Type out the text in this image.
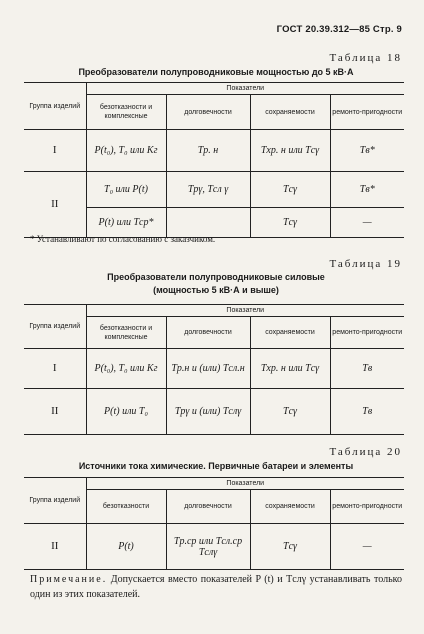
ГОСТ 20.39.312—85 Стр. 9
Таблица 18
Преобразователи полупроводниковые мощностью до 5 кВ·А
Группа изделий	Показатели			
	безотказности и комплексные	долговечности	сохраняемости	ремонто-пригодности
I	P(t₀), T₀ или Kг	Tр. н	Tхр. н или Tсγ	Tв*
II	T₀ или P(t)	Tрγ, Tсл γ	Tсγ	Tв*
	P(t) или Tср*		Tсγ	—
* Устанавливают по согласованию с заказчиком.
Таблица 19
Преобразователи полупроводниковые силовые
(мощностью 5 кВ·А и выше)
Группа изделий	Показатели			
	безотказности и комплексные	долговечности	сохраняемости	ремонто-пригодности
I	P(t₀), T₀ или Kг	Tр.н и (или) Tсл.н	Tхр. н или Tсγ	Tв
II	P(t) или T₀	Tрγ и (или) Tслγ	Tсγ	Tв
Таблица 20
Источники тока химические. Первичные батареи и элементы
Группа изделий	Показатели			
	безотказности	долговечности	сохраняемости	ремонто-пригодности
II	P(t)	Tр.ср или Tсл.ср Tслγ	Tсγ	—
Примечание. Допускается вместо показателей P (t) и Tслγ устанавливать только один из этих показателей.
